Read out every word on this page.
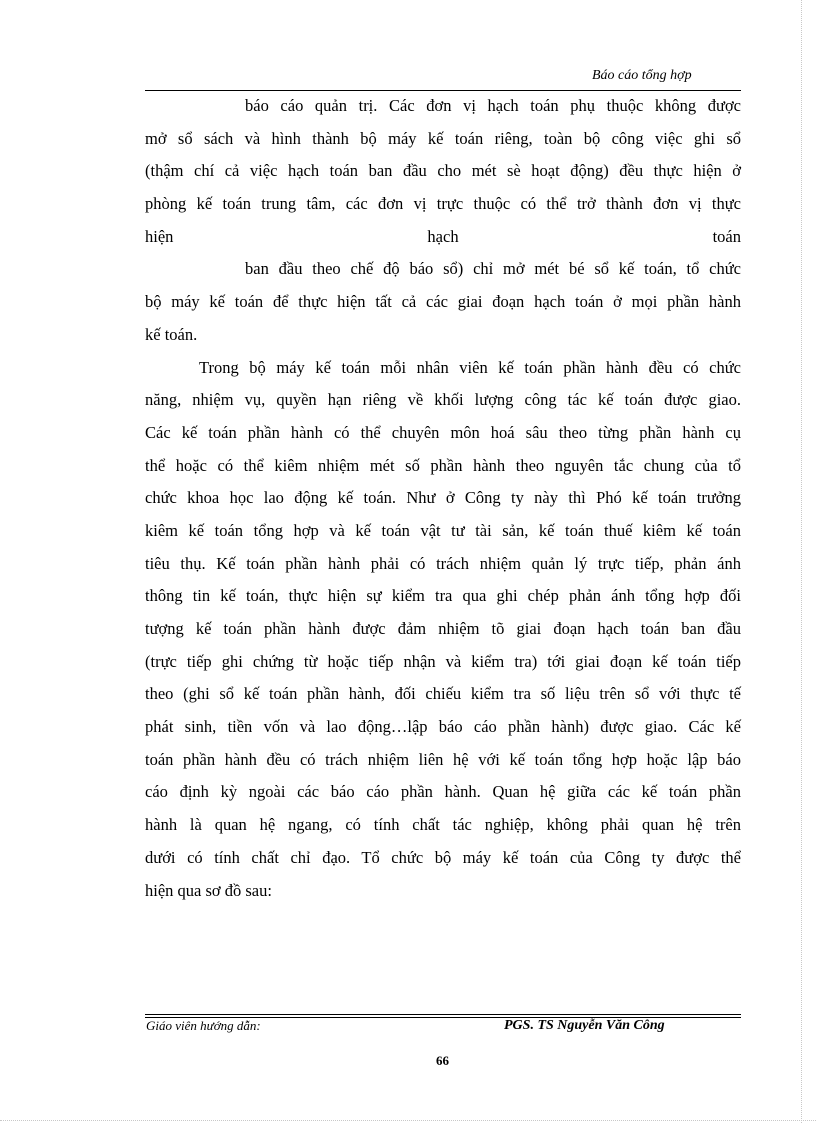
Báo cáo tổng hợp
báo cáo quản trị. Các đơn vị hạch toán phụ thuộc không được
mở sổ sách và hình thành bộ máy kế toán riêng, toàn bộ công việc ghi sổ
(thậm chí cả việc hạch toán ban đầu cho mét sè hoạt động) đều thực hiện ở
phòng kế toán trung tâm, các đơn vị trực thuộc có thể trở thành đơn vị thực
hiện hạch toán
ban đầu theo chế độ báo sổ) chỉ mở mét bé sổ kế toán, tổ chức
bộ máy kế toán để thực hiện tất cả các giai đoạn hạch toán ở mọi phần hành
kế toán.
Trong bộ máy kế toán mỗi nhân viên kế toán phần hành đều có chức
năng, nhiệm vụ, quyền hạn riêng về khối lượng công tác kế toán được giao.
Các kế toán phần hành có thể chuyên môn hoá sâu theo từng phần hành cụ
thể hoặc có thể kiêm nhiệm mét số phần hành theo nguyên tắc chung của tổ
chức khoa học lao động kế toán. Như ở Công ty này thì Phó kế toán trưởng
kiêm kế toán tổng hợp và kế toán vật tư tài sản, kế toán thuế kiêm kế toán
tiêu thụ. Kế toán phần hành phải có trách nhiệm quản lý trực tiếp, phản ánh
thông tin kế toán, thực hiện sự kiểm tra qua ghi chép phản ánh tổng hợp đối
tượng kế toán phần hành được đảm nhiệm tõ giai đoạn hạch toán ban đầu
(trực tiếp ghi chứng từ hoặc tiếp nhận và kiểm tra) tới giai đoạn kế toán tiếp
theo (ghi sổ kế toán phần hành, đối chiếu kiểm tra số liệu trên sổ với thực tế
phát sinh, tiền vốn và lao động…lập báo cáo phần hành) được giao. Các kế
toán phần hành đều có trách nhiệm liên hệ với kế toán tổng hợp hoặc lập báo
cáo định kỳ ngoài các báo cáo phần hành. Quan hệ giữa các kế toán phần
hành là quan hệ ngang, có tính chất tác nghiệp, không phải quan hệ trên
dưới có tính chất chỉ đạo. Tổ chức bộ máy kế toán của Công ty được thể
hiện qua sơ đồ sau:
Giáo viên hướng dẫn:	PGS. TS Nguyễn Văn Công
66
